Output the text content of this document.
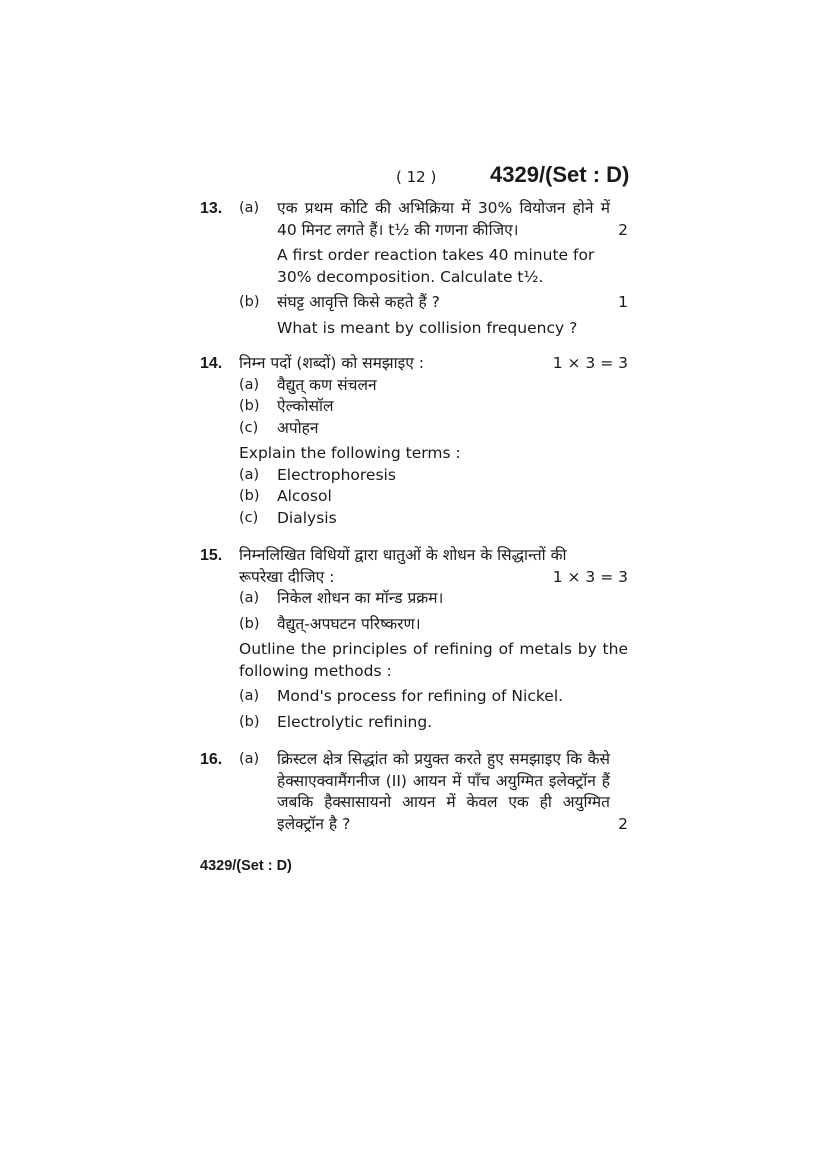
( 12 ) 4329/(Set : D)
13. (a) एक प्रथम कोटि की अभिक्रिया में 30% वियोजन होने में 40 मिनट लगते हैं। t½ की गणना कीजिए।	2
A first order reaction takes 40 minute for
30% decomposition. Calculate t½.
(b) संघट्ट आवृत्ति किसे कहते हैं ?	1
What is meant by collision frequency ?
14. निम्न पदों (शब्दों) को समझाइए :	1 × 3 = 3
(a) वैद्युत् कण संचलन
(b) ऐल्कोसॉल
(c) अपोहन
Explain the following terms :
(a) Electrophoresis
(b) Alcosol
(c) Dialysis
15. निम्नलिखित विधियों द्वारा धातुओं के शोधन के सिद्धान्तों की
रूपरेखा दीजिए :	1 × 3 = 3
(a) निकेल शोधन का मॉन्ड प्रक्रम।
(b) वैद्युत्-अपघटन परिष्करण।
Outline the principles of refining of metals by the following methods :
(a) Mond's process for refining of Nickel.
(b) Electrolytic refining.
16. (a) क्रिस्टल क्षेत्र सिद्धांत को प्रयुक्त करते हुए समझाइए कि कैसे हेक्साएक्वामैंगनीज (II) आयन में पाँच अयुग्मित इलेक्ट्रॉन हैं जबकि हैक्सासायनो आयन में केवल एक ही अयुग्मित इलेक्ट्रॉन है ?	2
4329/(Set : D)
